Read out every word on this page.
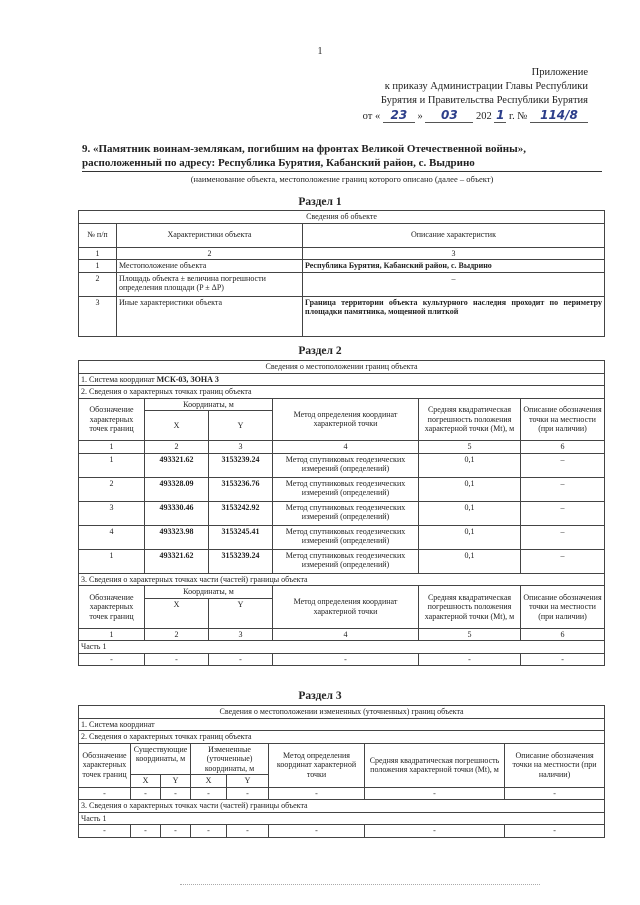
1
Приложение
к приказу Администрации Главы Республики
Бурятия и Правительства Республики Бурятия
от « 23 » 03 202 1 г. № 114/8
9. «Памятник воинам-землякам, погибшим на фронтах Великой Отечественной войны», расположенный по адресу: Республика Бурятия, Кабанский район, с. Выдрино
(наименование объекта, местоположение границ которого описано (далее – объект)
Раздел 1
Сведения об объекте		
№ п/п	Характеристики объекта	Описание характеристик
1	2	3
1	Местоположение объекта	Республика Бурятия, Кабанский район, с. Выдрино
2	Площадь объекта ± величина погрешности определения площади (P ± ΔP)	–
3	Иные характеристики объекта	Граница территории объекта культурного наследия проходит по периметру площадки памятника, мощенной плиткой
Раздел 2
Сведения о местоположении границ объекта					
1. Система координат МСК-03, ЗОНА 3					
2. Сведения о характерных точках границ объекта					
Обозначение характерных точек границ	Координаты, м		Метод определения координат характерной точки	Средняя квадратическая погрешность положения характерной точки (Mt), м	Описание обозначения точки на местности (при наличии)
	X	Y			
1	2	3	4	5	6
1	493321.62	3153239.24	Метод спутниковых геодезических измерений (определений)	0,1	–
2	493328.09	3153236.76	Метод спутниковых геодезических измерений (определений)	0,1	–
3	493330.46	3153242.92	Метод спутниковых геодезических измерений (определений)	0,1	–
4	493323.98	3153245.41	Метод спутниковых геодезических измерений (определений)	0,1	–
1	493321.62	3153239.24	Метод спутниковых геодезических измерений (определений)	0,1	–
3. Сведения о характерных точках части (частей) границы объекта					
Обозначение характерных точек границ	Координаты, м		Метод определения координат характерной точки	Средняя квадратическая погрешность положения характерной точки (Mt), м	Описание обозначения точки на местности (при наличии)
	X	Y			
1	2	3	4	5	6
Часть 1					
-	-	-	-	-	-
Раздел 3
Сведения о местоположении измененных (уточненных) границ объекта							
1. Система координат							
2. Сведения о характерных точках границ объекта							
Обозначение характерных точек границ	Существующие координаты, м		Измененные (уточненные) координаты, м		Метод определения координат характерной точки	Средняя квадратическая погрешность положения характерной точки (Mt), м	Описание обозначения точки на местности (при наличии)
	X	Y	X	Y			
-	-	-	-	-	-	-	-
3. Сведения о характерных точках части (частей) границы объекта							
Часть 1							
-	-	-	-	-	-	-	-
